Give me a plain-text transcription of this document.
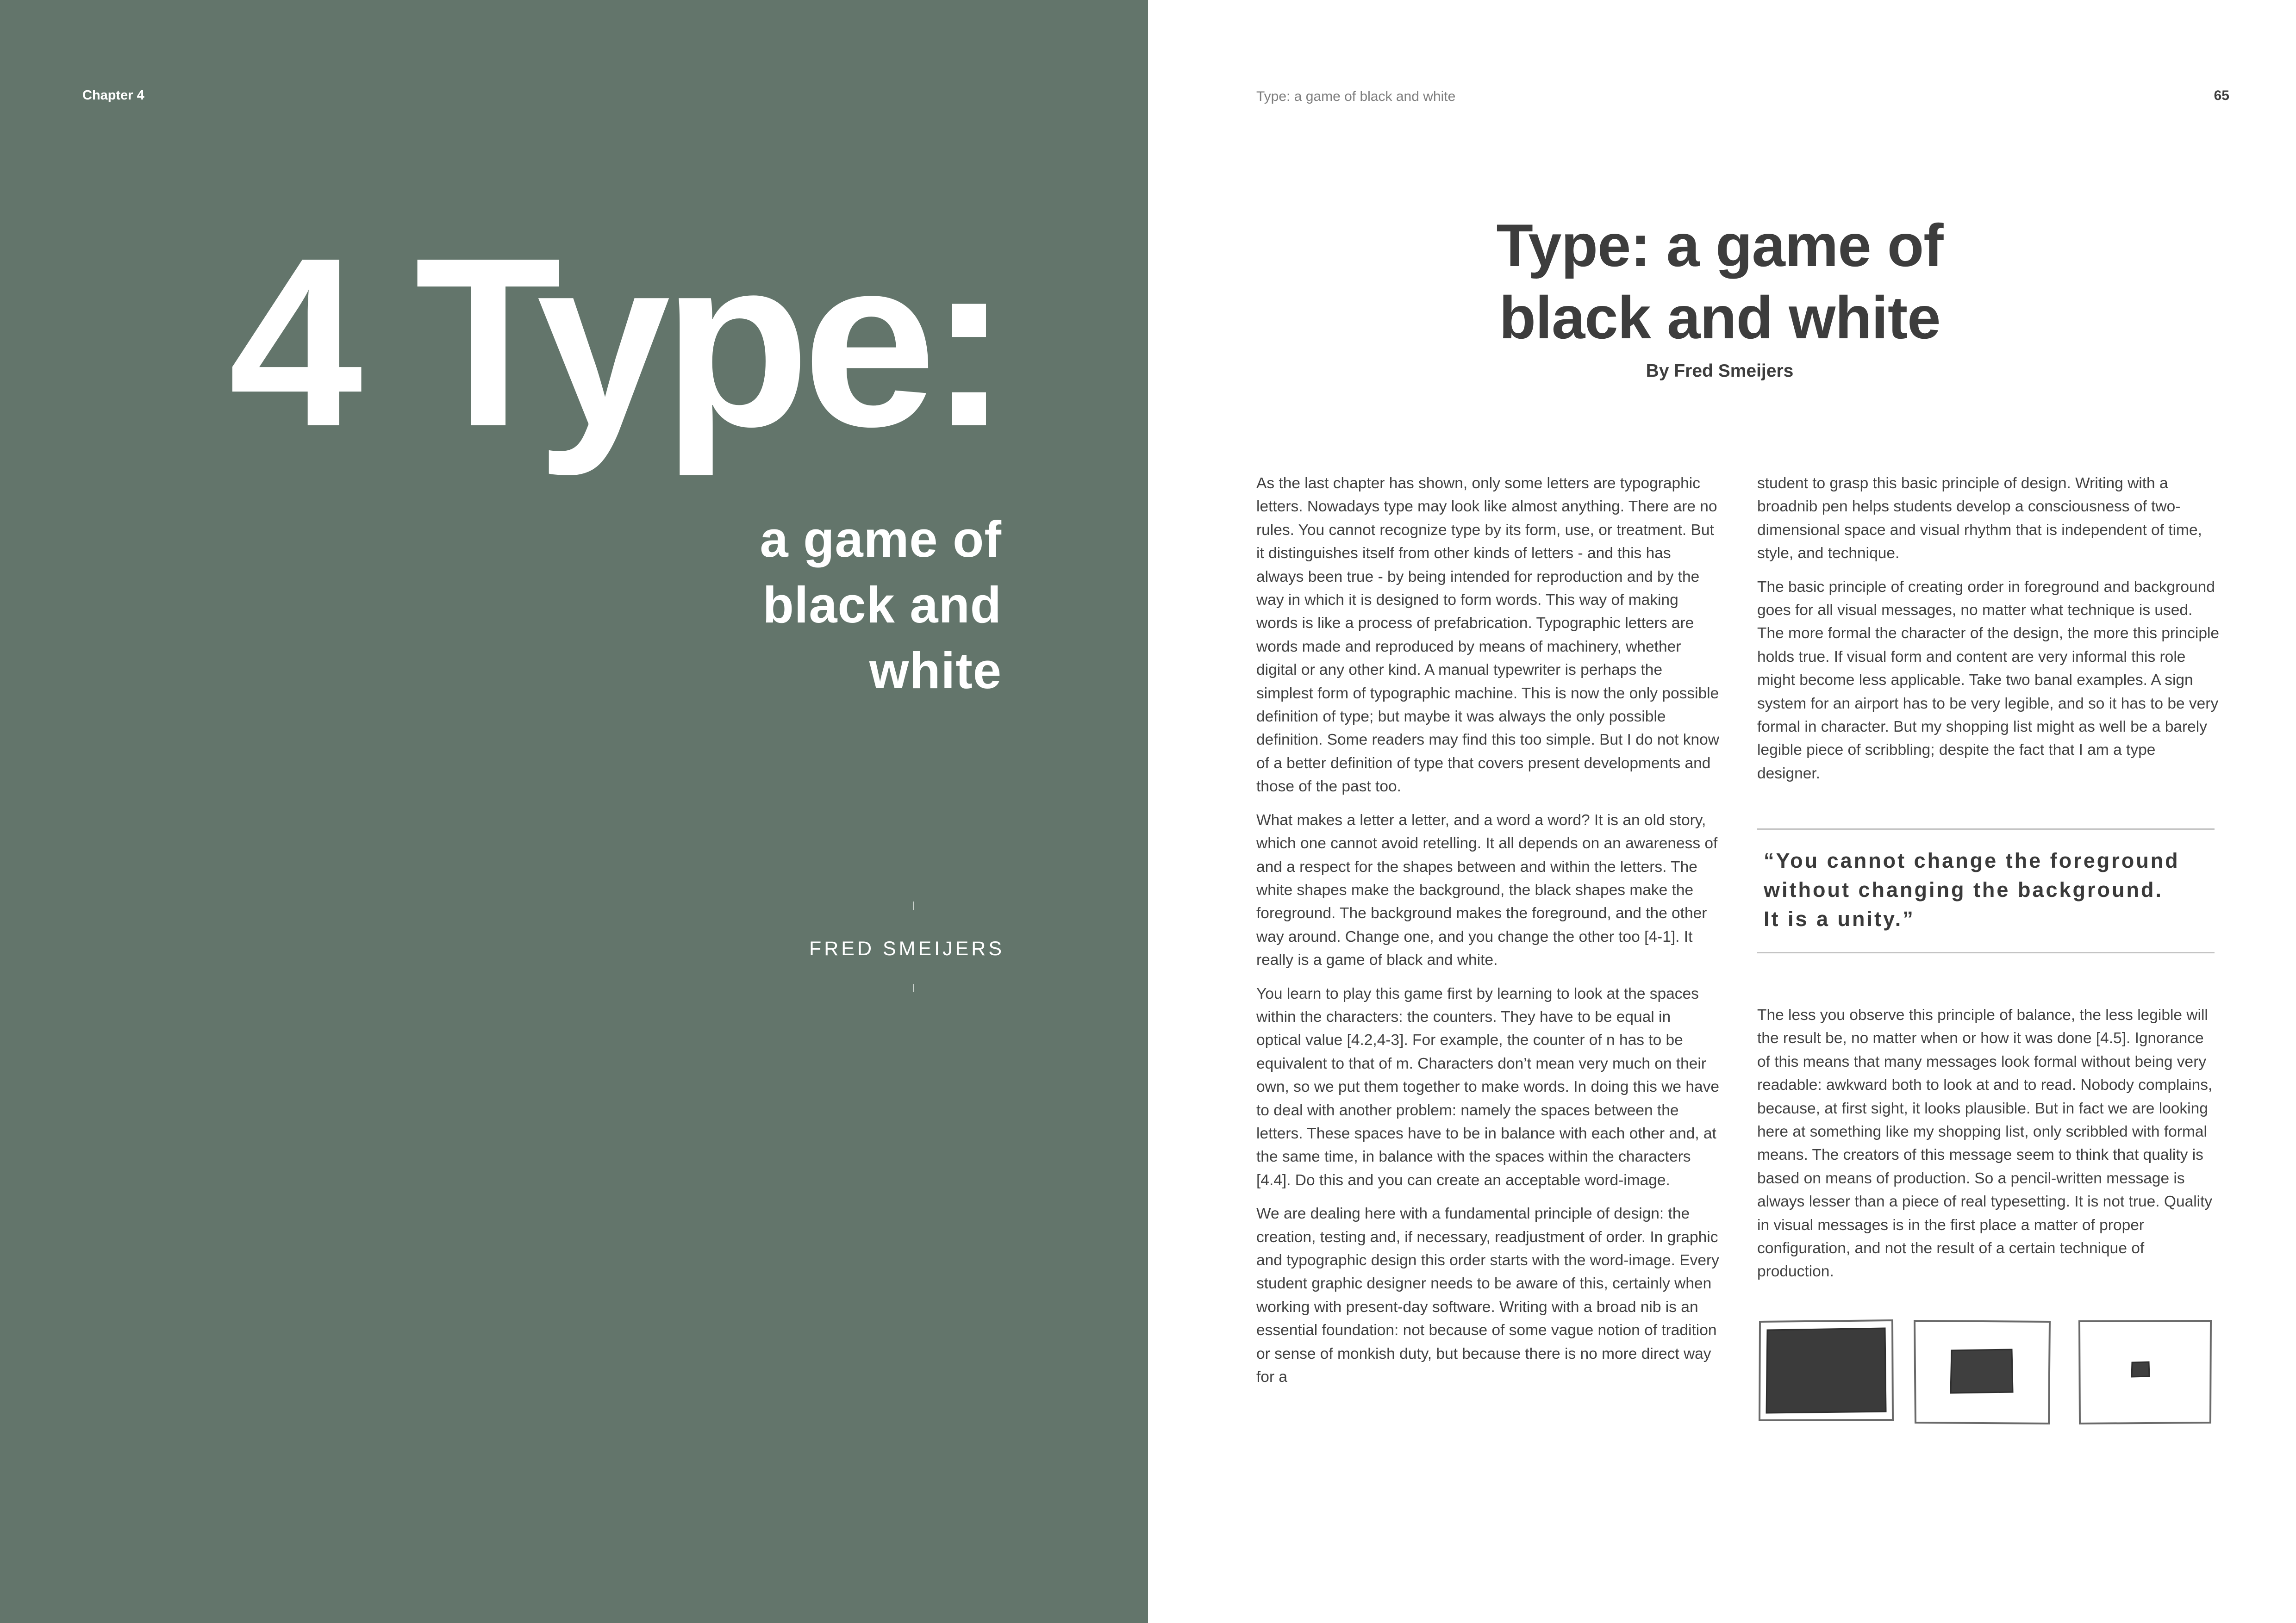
Chapter 4
4 Type:
a game of
black and
white
FRED SMEIJERS
Type: a game of black and white	65
Type: a game of
black and white
By Fred Smeijers

As the last chapter has shown, only some letters are typographic letters. Nowadays type may look like almost anything. There are no rules. You cannot recognize type by its form, use, or treatment. But it distinguishes itself from other kinds of letters - and this has always been true - by being intended for reproduction and by the way in which it is designed to form words. This way of making words is like a process of prefabrication. Typographic letters are words made and reproduced by means of machinery, whether digital or any other kind. A manual typewriter is perhaps the simplest form of typographic machine. This is now the only possible definition of type; but maybe it was always the only possible definition. Some readers may find this too simple. But I do not know of a better definition of type that covers present developments and those of the past too.

What makes a letter a letter, and a word a word? It is an old story, which one cannot avoid retelling. It all depends on an awareness of and a respect for the shapes between and within the letters. The white shapes make the background, the black shapes make the foreground. The background makes the foreground, and the other way around. Change one, and you change the other too [4-1]. It really is a game of black and white.

You learn to play this game first by learning to look at the spaces within the characters: the counters. They have to be equal in optical value [4.2,4-3]. For example, the counter of n has to be equivalent to that of m. Characters don’t mean very much on their own, so we put them together to make words. In doing this we have to deal with another problem: namely the spaces between the letters. These spaces have to be in balance with each other and, at the same time, in balance with the spaces within the characters [4.4]. Do this and you can create an acceptable word-image.

We are dealing here with a fundamental principle of design: the creation, testing and, if necessary, readjustment of order. In graphic and typographic design this order starts with the word-image. Every student graphic designer needs to be aware of this, certainly when working with present-day software. Writing with a broad nib is an essential foundation: not because of some vague notion of tradition or sense of monkish duty, but because there is no more direct way for a

student to grasp this basic principle of design. Writing with a broadnib pen helps students develop a consciousness of two-dimensional space and visual rhythm that is independent of time, style, and technique.

The basic principle of creating order in foreground and background goes for all visual messages, no matter what technique is used. The more formal the character of the design, the more this principle holds true. If visual form and content are very informal this role might become less applicable. Take two banal examples. A sign system for an airport has to be very legible, and so it has to be very formal in character. But my shopping list might as well be a barely legible piece of scribbling; despite the fact that I am a type designer.

“You cannot change the foreground
without changing the background.
It is a unity.”

The less you observe this principle of balance, the less legible will the result be, no matter when or how it was done [4.5]. Ignorance of this means that many messages look formal without being very readable: awkward both to look at and to read. Nobody complains, because, at first sight, it looks plausible. But in fact we are looking here at something like my shopping list, only scribbled with formal means. The creators of this message seem to think that quality is based on means of production. So a pencil-written message is always lesser than a piece of real typesetting. It is not true. Quality in visual messages is in the first place a matter of proper configuration, and not the result of a certain technique of production.
